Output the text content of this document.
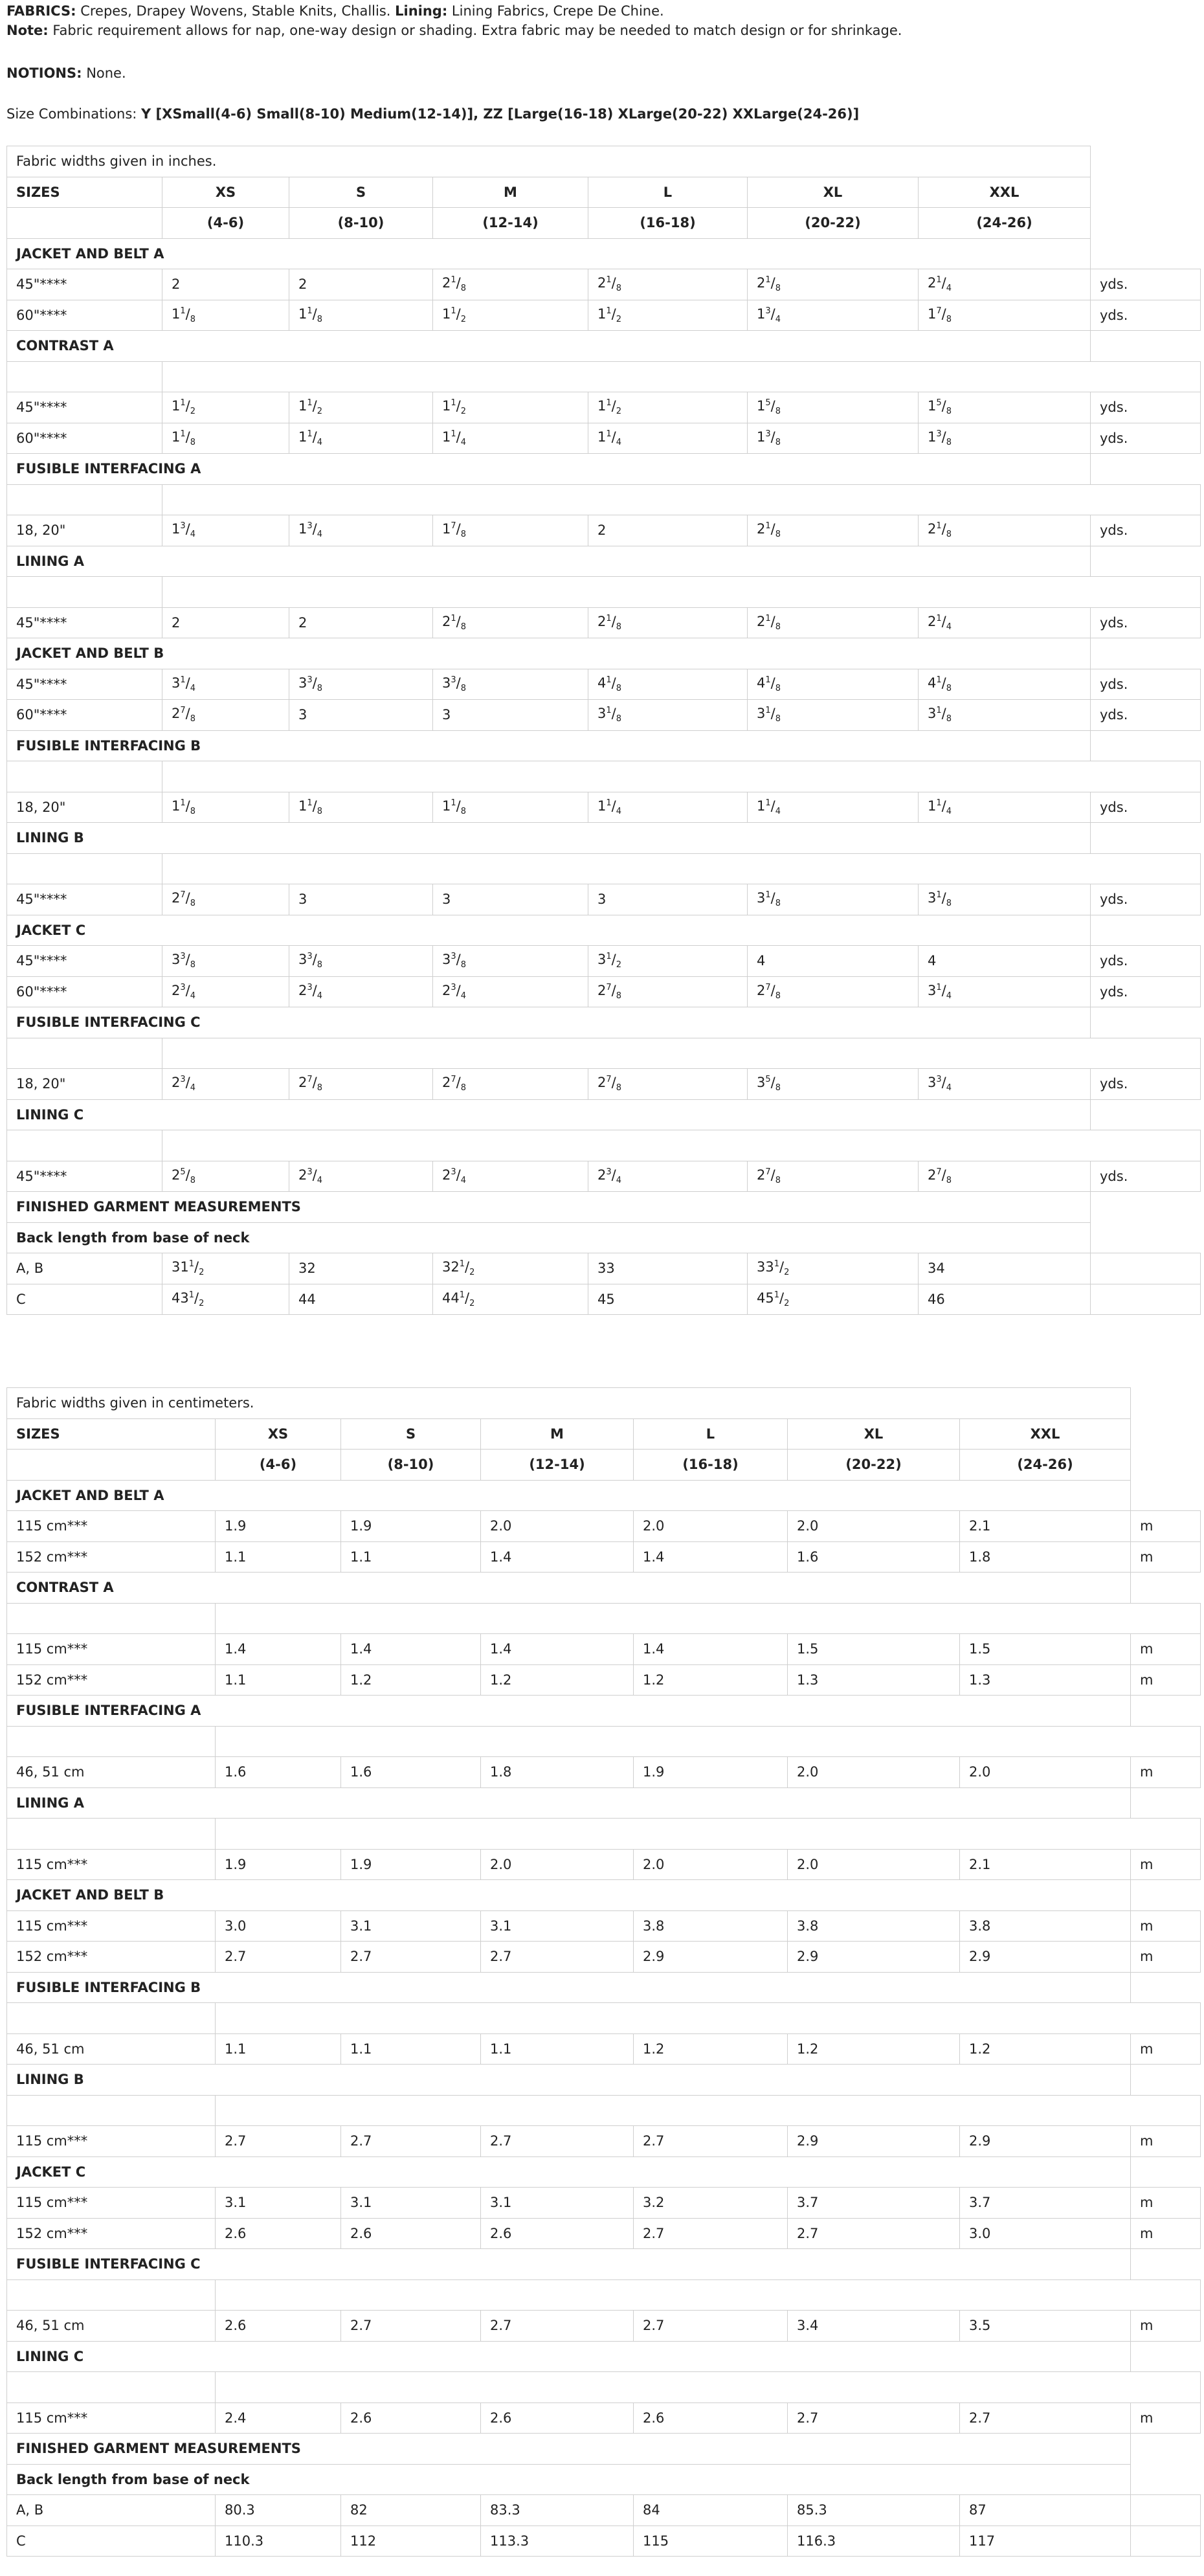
FABRICS: Crepes, Drapey Wovens, Stable Knits, Challis. Lining: Lining Fabrics, Crepe De Chine.
Note: Fabric requirement allows for nap, one-way design or shading. Extra fabric may be needed to match design or for shrinkage.
NOTIONS: None.
Size Combinations: Y [XSmall(4-6) Small(8-10) Medium(12-14)], ZZ [Large(16-18) XLarge(20-22) XXLarge(24-26)]
Fabric widths given in inches.							
SIZES	XS	S	M	L	XL	XXL	
	(4-6)	(8-10)	(12-14)	(16-18)	(20-22)	(24-26)	
JACKET AND BELT A							
45"****	2	2	$2^1/_8$	$2^1/_8$	$2^1/_8$	$2^1/_4$	yds.
60"****	$1^1/_8$	$1^1/_8$	$1^1/_2$	$1^1/_2$	$1^3/_4$	$1^7/_8$	yds.
CONTRAST A							

45"****	$1^1/_2$	$1^1/_2$	$1^1/_2$	$1^1/_2$	$1^5/_8$	$1^5/_8$	yds.
60"****	$1^1/_8$	$1^1/_4$	$1^1/_4$	$1^1/_4$	$1^3/_8$	$1^3/_8$	yds.
FUSIBLE INTERFACING A							

18, 20"	$1^3/_4$	$1^3/_4$	$1^7/_8$	2	$2^1/_8$	$2^1/_8$	yds.
LINING A							

45"****	2	2	$2^1/_8$	$2^1/_8$	$2^1/_8$	$2^1/_4$	yds.
JACKET AND BELT B							
45"****	$3^1/_4$	$3^3/_8$	$3^3/_8$	$4^1/_8$	$4^1/_8$	$4^1/_8$	yds.
60"****	$2^7/_8$	3	3	$3^1/_8$	$3^1/_8$	$3^1/_8$	yds.
FUSIBLE INTERFACING B							

18, 20"	$1^1/_8$	$1^1/_8$	$1^1/_8$	$1^1/_4$	$1^1/_4$	$1^1/_4$	yds.
LINING B							

45"****	$2^7/_8$	3	3	3	$3^1/_8$	$3^1/_8$	yds.
JACKET C							
45"****	$3^3/_8$	$3^3/_8$	$3^3/_8$	$3^1/_2$	4	4	yds.
60"****	$2^3/_4$	$2^3/_4$	$2^3/_4$	$2^7/_8$	$2^7/_8$	$3^1/_4$	yds.
FUSIBLE INTERFACING C							

18, 20"	$2^3/_4$	$2^7/_8$	$2^7/_8$	$2^7/_8$	$3^5/_8$	$3^3/_4$	yds.
LINING C							

45"****	$2^5/_8$	$2^3/_4$	$2^3/_4$	$2^3/_4$	$2^7/_8$	$2^7/_8$	yds.
FINISHED GARMENT MEASUREMENTS							
Back length from base of neck							
A, B	$31^1/_2$	32	$32^1/_2$	33	$33^1/_2$	34	
C	$43^1/_2$	44	$44^1/_2$	45	$45^1/_2$	46	
Fabric widths given in centimeters.							
SIZES	XS	S	M	L	XL	XXL	
	(4-6)	(8-10)	(12-14)	(16-18)	(20-22)	(24-26)	
JACKET AND BELT A							
115 cm***	1.9	1.9	2.0	2.0	2.0	2.1	m
152 cm***	1.1	1.1	1.4	1.4	1.6	1.8	m
CONTRAST A							

115 cm***	1.4	1.4	1.4	1.4	1.5	1.5	m
152 cm***	1.1	1.2	1.2	1.2	1.3	1.3	m
FUSIBLE INTERFACING A							

46, 51 cm	1.6	1.6	1.8	1.9	2.0	2.0	m
LINING A							

115 cm***	1.9	1.9	2.0	2.0	2.0	2.1	m
JACKET AND BELT B							
115 cm***	3.0	3.1	3.1	3.8	3.8	3.8	m
152 cm***	2.7	2.7	2.7	2.9	2.9	2.9	m
FUSIBLE INTERFACING B							

46, 51 cm	1.1	1.1	1.1	1.2	1.2	1.2	m
LINING B							

115 cm***	2.7	2.7	2.7	2.7	2.9	2.9	m
JACKET C							
115 cm***	3.1	3.1	3.1	3.2	3.7	3.7	m
152 cm***	2.6	2.6	2.6	2.7	2.7	3.0	m
FUSIBLE INTERFACING C							

46, 51 cm	2.6	2.7	2.7	2.7	3.4	3.5	m
LINING C							

115 cm***	2.4	2.6	2.6	2.6	2.7	2.7	m
FINISHED GARMENT MEASUREMENTS							
Back length from base of neck							
A, B	80.3	82	83.3	84	85.3	87	
C	110.3	112	113.3	115	116.3	117	
